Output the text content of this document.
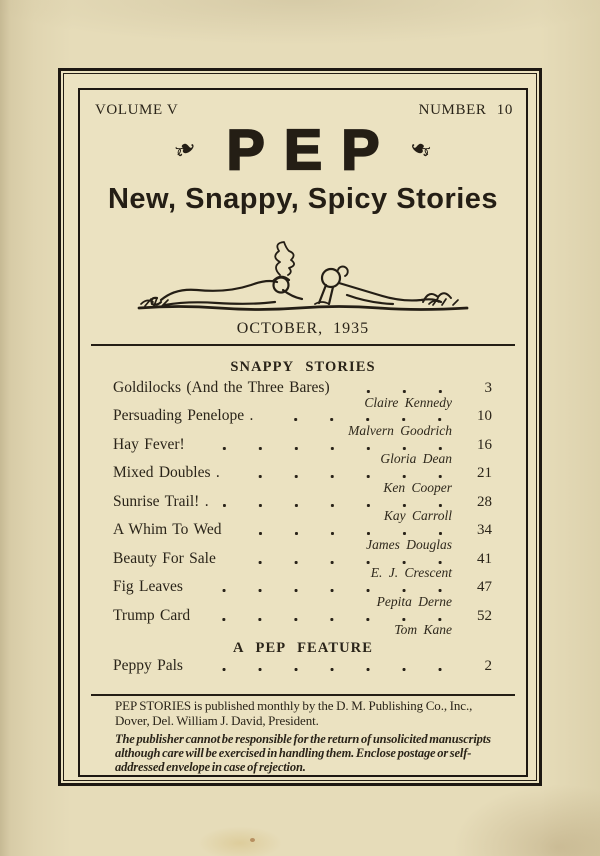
VOLUME V	NUMBER 10
❧ PEP ❧
New, Snappy, Spicy Stories
OCTOBER, 1935
SNAPPY STORIES
Goldilocks (And the Three Bares)	3
Claire Kennedy
Persuading Penelope .	10
Malvern Goodrich
Hay Fever!	16
Gloria Dean
Mixed Doubles .	21
Ken Cooper
Sunrise Trail! .	28
Kay Carroll
A Whim To Wed	34
James Douglas
Beauty For Sale	41
E. J. Crescent
Fig Leaves	47
Pepita Derne
Trump Card	52
Tom Kane
A PEP FEATURE
Peppy Pals	2
PEP STORIES is published monthly by the D. M. Publishing Co., Inc.,
Dover, Del. William J. David, President.
The publisher cannot be responsible for the return of unsolicited manuscripts
although care will be exercised in handling them. Enclose postage or self-
addressed envelope in case of rejection.
